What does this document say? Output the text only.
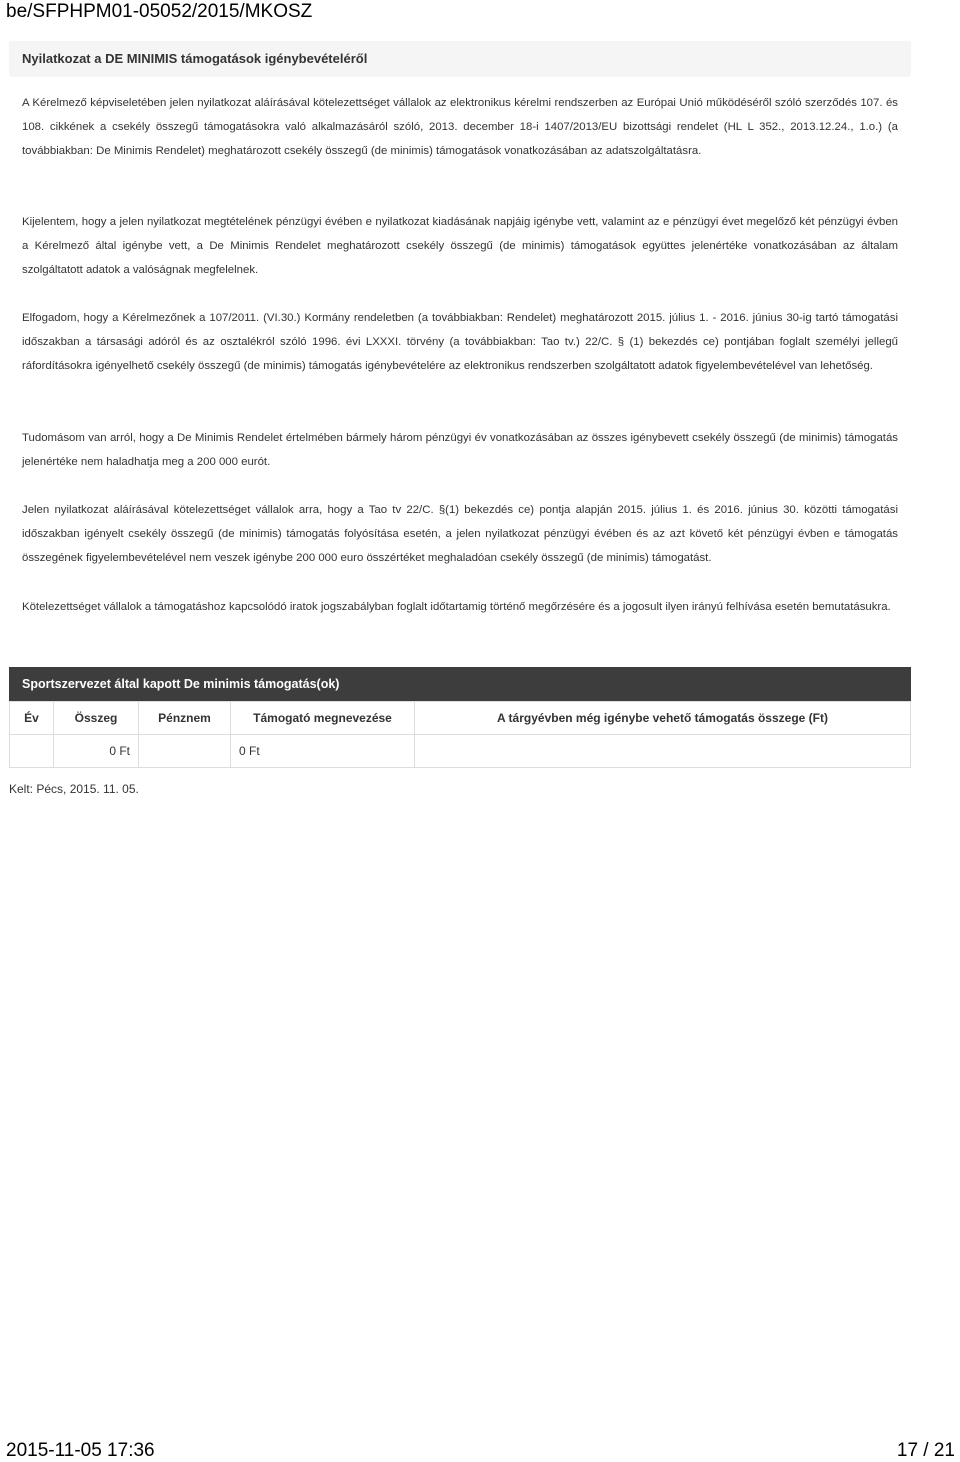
be/SFPHPM01-05052/2015/MKOSZ
Nyilatkozat a DE MINIMIS támogatások igénybevételéről
A Kérelmező képviseletében jelen nyilatkozat aláírásával kötelezettséget vállalok az elektronikus kérelmi rendszerben az Európai Unió működéséről szóló szerződés 107. és 108. cikkének a csekély összegű támogatásokra való alkalmazásáról szóló, 2013. december 18-i 1407/2013/EU bizottsági rendelet (HL L 352., 2013.12.24., 1.o.) (a továbbiakban: De Minimis Rendelet) meghatározott csekély összegű (de minimis) támogatások vonatkozásában az adatszolgáltatásra.
Kijelentem, hogy a jelen nyilatkozat megtételének pénzügyi évében e nyilatkozat kiadásának napjáig igénybe vett, valamint az e pénzügyi évet megelőző két pénzügyi évben a Kérelmező által igénybe vett, a De Minimis Rendelet meghatározott csekély összegű (de minimis) támogatások együttes jelenértéke vonatkozásában az általam szolgáltatott adatok a valóságnak megfelelnek.
Elfogadom, hogy a Kérelmezőnek a 107/2011. (VI.30.) Kormány rendeletben (a továbbiakban: Rendelet) meghatározott 2015. július 1. - 2016. június 30-ig tartó támogatási időszakban a társasági adóról és az osztalékról szóló 1996. évi LXXXI. törvény (a továbbiakban: Tao tv.) 22/C. § (1) bekezdés ce) pontjában foglalt személyi jellegű ráfordításokra igényelhető csekély összegű (de minimis) támogatás igénybevételére az elektronikus rendszerben szolgáltatott adatok figyelembevételével van lehetőség.
Tudomásom van arról, hogy a De Minimis Rendelet értelmében bármely három pénzügyi év vonatkozásában az összes igénybevett csekély összegű (de minimis) támogatás jelenértéke nem haladhatja meg a 200 000 eurót.
Jelen nyilatkozat aláírásával kötelezettséget vállalok arra, hogy a Tao tv 22/C. §(1) bekezdés ce) pontja alapján 2015. július 1. és 2016. június 30. közötti támogatási időszakban igényelt csekély összegű (de minimis) támogatás folyósítása esetén, a jelen nyilatkozat pénzügyi évében és az azt követő két pénzügyi évben e támogatás összegének figyelembevételével nem veszek igénybe 200 000 euro összértéket meghaladóan csekély összegű (de minimis) támogatást.
Kötelezettséget vállalok a támogatáshoz kapcsolódó iratok jogszabályban foglalt időtartamig történő megőrzésére és a jogosult ilyen irányú felhívása esetén bemutatásukra.
Sportszervezet által kapott De minimis támogatás(ok)
Év	Összeg	Pénznem	Támogató megnevezése	A tárgyévben még igénybe vehető támogatás összege (Ft)
	0 Ft		0 Ft	
Kelt: Pécs, 2015. 11. 05.
2015-11-05 17:36	17 / 21
